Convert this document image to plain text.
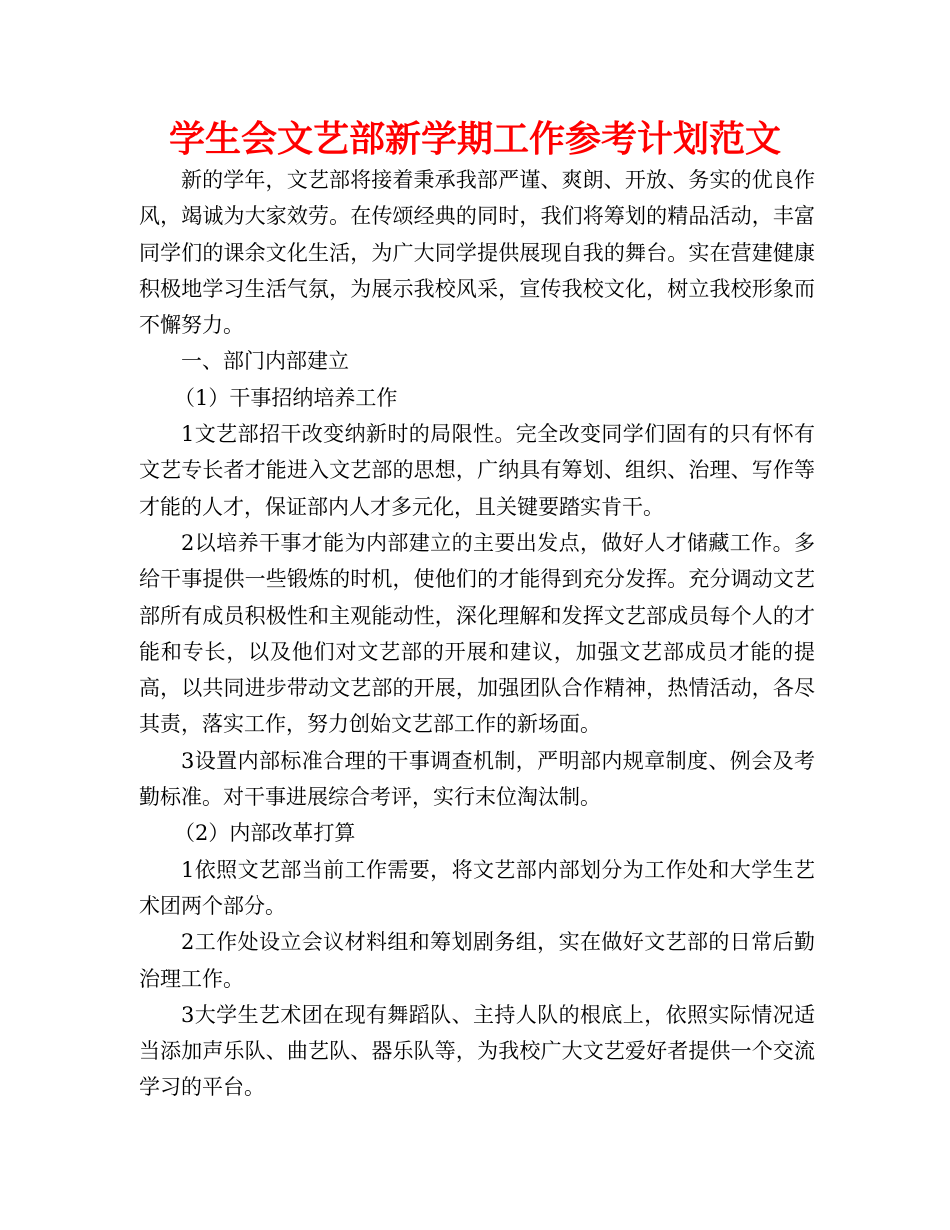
学生会文艺部新学期工作参考计划范文

新的学年，文艺部将接着秉承我部严谨、爽朗、开放、务实的优良作风，竭诚为大家效劳。在传颂经典的同时，我们将筹划的精品活动，丰富同学们的课余文化生活，为广大同学提供展现自我的舞台。实在营建健康积极地学习生活气氛，为展示我校风采，宣传我校文化，树立我校形象而不懈努力。

一、部门内部建立

（1）干事招纳培养工作

1文艺部招干改变纳新时的局限性。完全改变同学们固有的只有怀有文艺专长者才能进入文艺部的思想，广纳具有筹划、组织、治理、写作等才能的人才，保证部内人才多元化，且关键要踏实肯干。

2以培养干事才能为内部建立的主要出发点，做好人才储藏工作。多给干事提供一些锻炼的时机，使他们的才能得到充分发挥。充分调动文艺部所有成员积极性和主观能动性，深化理解和发挥文艺部成员每个人的才能和专长，以及他们对文艺部的开展和建议，加强文艺部成员才能的提高，以共同进步带动文艺部的开展，加强团队合作精神，热情活动，各尽其责，落实工作，努力创始文艺部工作的新场面。

3设置内部标准合理的干事调查机制，严明部内规章制度、例会及考勤标准。对干事进展综合考评，实行末位淘汰制。

（2）内部改革打算

1依照文艺部当前工作需要，将文艺部内部划分为工作处和大学生艺术团两个部分。

2工作处设立会议材料组和筹划剧务组，实在做好文艺部的日常后勤治理工作。

3大学生艺术团在现有舞蹈队、主持人队的根底上，依照实际情况适当添加声乐队、曲艺队、器乐队等，为我校广大文艺爱好者提供一个交流学习的平台。
